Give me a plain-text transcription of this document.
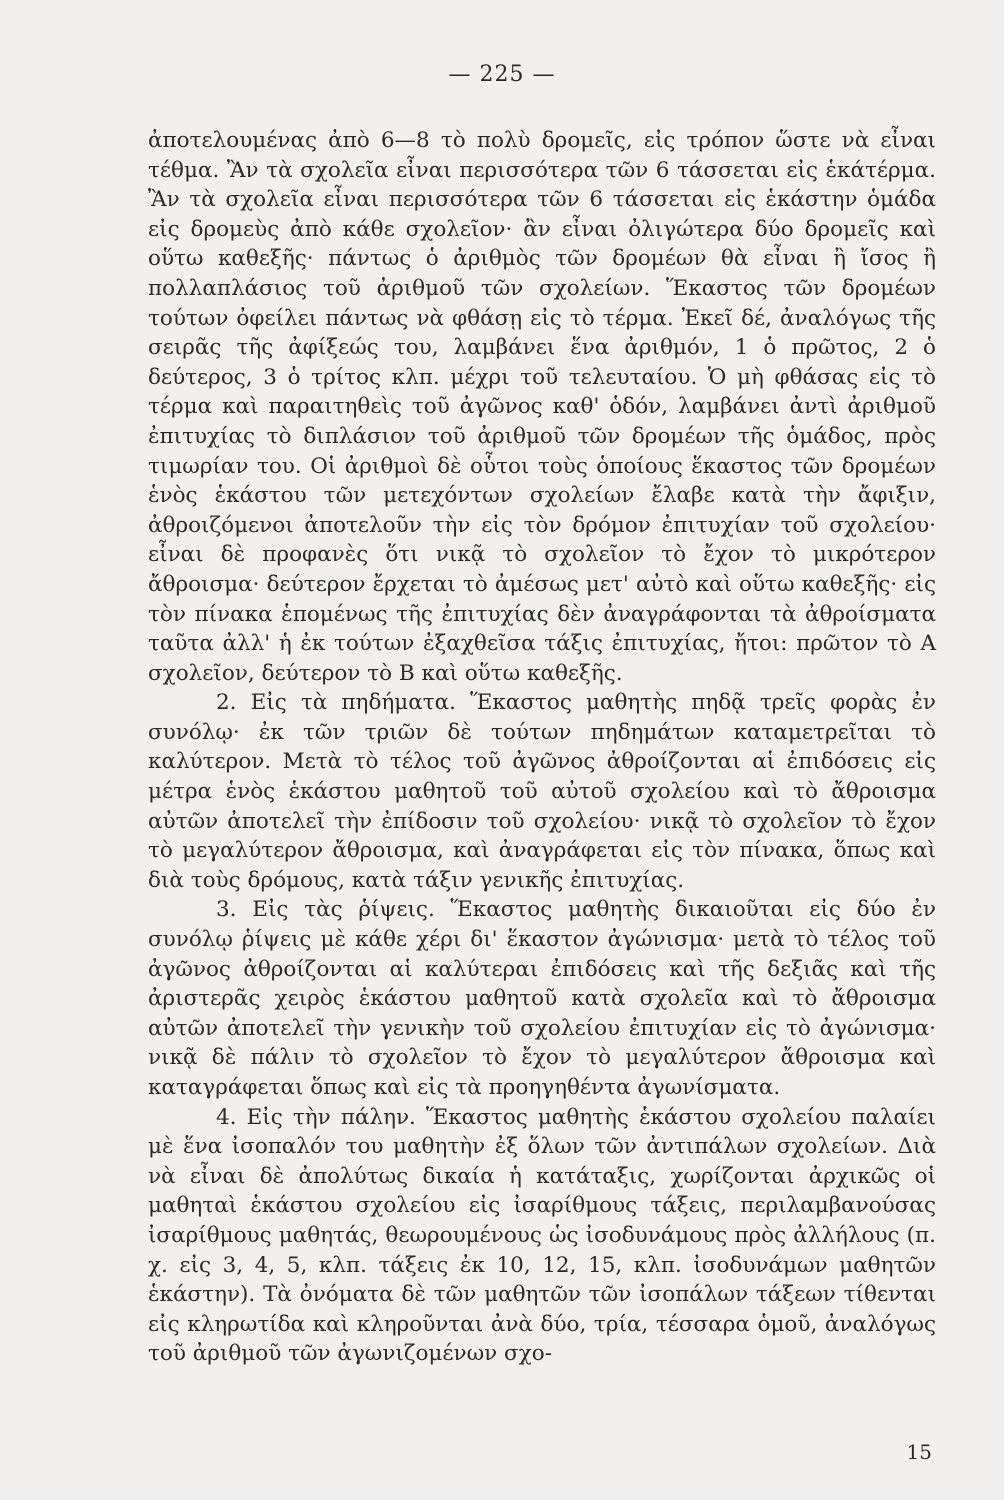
— 225 —

ἀποτελουμένας ἀπὸ 6—8 τὸ πολὺ δρομεῖς, εἰς τρόπον ὥστε νὰ εἶναι τέθμα. Ἂν τὰ σχολεῖα εἶναι περισσότερα τῶν 6 τάσσεται εἰς ἑκάτέρμα. Ἂν τὰ σχολεῖα εἶναι περισσότερα τῶν 6 τάσσεται εἰς ἑκάστην ὁμάδα εἰς δρομεὺς ἀπὸ κάθε σχολεῖον· ἂν εἶναι ὀλιγώτερα δύο δρομεῖς καὶ οὕτω καθεξῆς· πάντως ὁ ἀριθμὸς τῶν δρομέων θὰ εἶναι ἢ ἴσος ἢ πολλαπλάσιος τοῦ ἀριθμοῦ τῶν σχολείων. Ἕκαστος τῶν δρομέων τούτων ὀφείλει πάντως νὰ φθάσῃ εἰς τὸ τέρμα. Ἐκεῖ δέ, ἀναλόγως τῆς σειρᾶς τῆς ἀφίξεώς του, λαμβάνει ἕνα ἀριθμόν, 1 ὁ πρῶτος, 2 ὁ δεύτερος, 3 ὁ τρίτος κλπ. μέχρι τοῦ τελευταίου. Ὁ μὴ φθάσας εἰς τὸ τέρμα καὶ παραιτηθεὶς τοῦ ἀγῶνος καθ' ὁδόν, λαμβάνει ἀντὶ ἀριθμοῦ ἐπιτυχίας τὸ διπλάσιον τοῦ ἀριθμοῦ τῶν δρομέων τῆς ὁμάδος, πρὸς τιμωρίαν του. Οἱ ἀριθμοὶ δὲ οὗτοι τοὺς ὁποίους ἕκαστος τῶν δρομέων ἑνὸς ἑκάστου τῶν μετεχόντων σχολείων ἔλαβε κατὰ τὴν ἄφιξιν, ἀθροιζόμενοι ἀποτελοῦν τὴν εἰς τὸν δρόμον ἐπιτυχίαν τοῦ σχολείου· εἶναι δὲ προφανὲς ὅτι νικᾷ τὸ σχολεῖον τὸ ἔχον τὸ μικρότερον ἄθροισμα· δεύτερον ἔρχεται τὸ ἀμέσως μετ' αὐτὸ καὶ οὕτω καθεξῆς· εἰς τὸν πίνακα ἑπομένως τῆς ἐπιτυχίας δὲν ἀναγράφονται τὰ ἀθροίσματα ταῦτα ἀλλ' ἡ ἐκ τούτων ἐξαχθεῖσα τάξις ἐπιτυχίας, ἤτοι: πρῶτον τὸ Α σχολεῖον, δεύτερον τὸ Β καὶ οὕτω καθεξῆς.

2. Εἰς τὰ πηδήματα. Ἕκαστος μαθητὴς πηδᾷ τρεῖς φορὰς ἐν συνόλῳ· ἐκ τῶν τριῶν δὲ τούτων πηδημάτων καταμετρεῖται τὸ καλύτερον. Μετὰ τὸ τέλος τοῦ ἀγῶνος ἀθροίζονται αἱ ἐπιδόσεις εἰς μέτρα ἑνὸς ἑκάστου μαθητοῦ τοῦ αὐτοῦ σχολείου καὶ τὸ ἄθροισμα αὐτῶν ἀποτελεῖ τὴν ἐπίδοσιν τοῦ σχολείου· νικᾷ τὸ σχολεῖον τὸ ἔχον τὸ μεγαλύτερον ἄθροισμα, καὶ ἀναγράφεται εἰς τὸν πίνακα, ὅπως καὶ διὰ τοὺς δρόμους, κατὰ τάξιν γενικῆς ἐπιτυχίας.

3. Εἰς τὰς ῥίψεις. Ἕκαστος μαθητὴς δικαιοῦται εἰς δύο ἐν συνόλῳ ῥίψεις μὲ κάθε χέρι δι' ἕκαστον ἀγώνισμα· μετὰ τὸ τέλος τοῦ ἀγῶνος ἀθροίζονται αἱ καλύτεραι ἐπιδόσεις καὶ τῆς δεξιᾶς καὶ τῆς ἀριστερᾶς χειρὸς ἑκάστου μαθητοῦ κατὰ σχολεῖα καὶ τὸ ἄθροισμα αὐτῶν ἀποτελεῖ τὴν γενικὴν τοῦ σχολείου ἐπιτυχίαν εἰς τὸ ἀγώνισμα· νικᾷ δὲ πάλιν τὸ σχολεῖον τὸ ἔχον τὸ μεγαλύτερον ἄθροισμα καὶ καταγράφεται ὅπως καὶ εἰς τὰ προηγηθέντα ἀγωνίσματα.

4. Εἰς τὴν πάλην. Ἕκαστος μαθητὴς ἑκάστου σχολείου παλαίει μὲ ἕνα ἰσοπαλόν του μαθητὴν ἐξ ὅλων τῶν ἀντιπάλων σχολείων. Διὰ νὰ εἶναι δὲ ἀπολύτως δικαία ἡ κατάταξις, χωρίζονται ἀρχικῶς οἱ μαθηταὶ ἑκάστου σχολείου εἰς ἰσαρίθμους τάξεις, περιλαμβανούσας ἰσαρίθμους μαθητάς, θεωρουμένους ὡς ἰσοδυνάμους πρὸς ἀλλήλους (π. χ. εἰς 3, 4, 5, κλπ. τάξεις ἐκ 10, 12, 15, κλπ. ἰσοδυνάμων μαθητῶν ἑκάστην). Τὰ ὀνόματα δὲ τῶν μαθητῶν τῶν ἰσοπάλων τάξεων τίθενται εἰς κληρωτίδα καὶ κληροῦνται ἀνὰ δύο, τρία, τέσσαρα ὁμοῦ, ἀναλόγως τοῦ ἀριθμοῦ τῶν ἀγωνιζομένων σχο-

15
